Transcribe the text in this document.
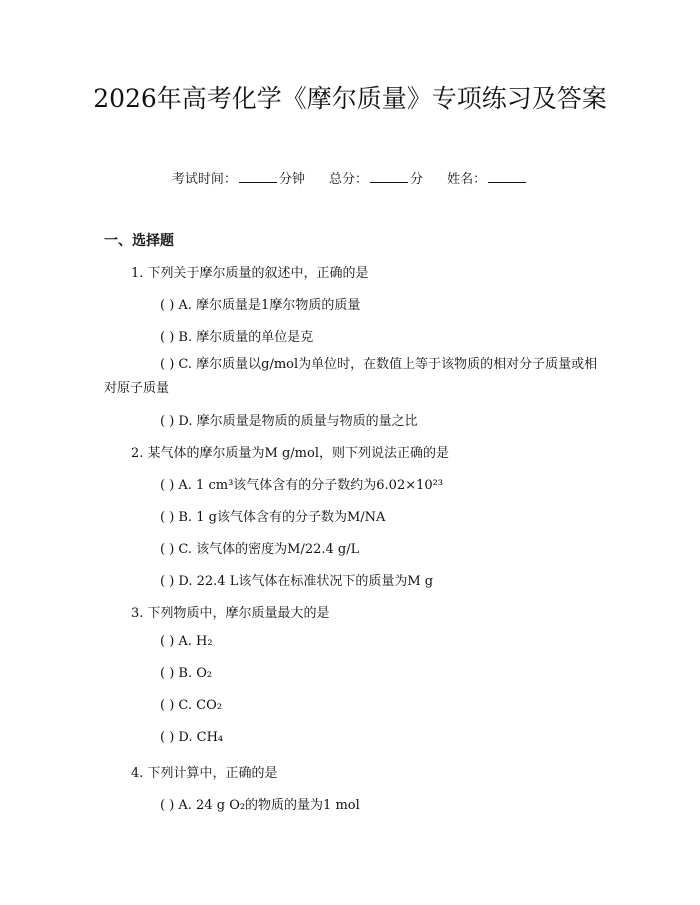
2026年高考化学《摩尔质量》专项练习及答案
考试时间：	分钟 总分：	分 姓名：
一、选择题
1. 下列关于摩尔质量的叙述中，正确的是
( ) A. 摩尔质量是1摩尔物质的质量
( ) B. 摩尔质量的单位是克
( ) C. 摩尔质量以g/mol为单位时，在数值上等于该物质的相对分子质量或相对原子质量
( ) D. 摩尔质量是物质的质量与物质的量之比
2. 某气体的摩尔质量为M g/mol，则下列说法正确的是
( ) A. 1 cm³该气体含有的分子数约为6.02×10²³
( ) B. 1 g该气体含有的分子数为M/NA
( ) C. 该气体的密度为M/22.4 g/L
( ) D. 22.4 L该气体在标准状况下的质量为M g
3. 下列物质中，摩尔质量最大的是
( ) A. H₂
( ) B. O₂
( ) C. CO₂
( ) D. CH₄
4. 下列计算中，正确的是
( ) A. 24 g O₂的物质的量为1 mol
